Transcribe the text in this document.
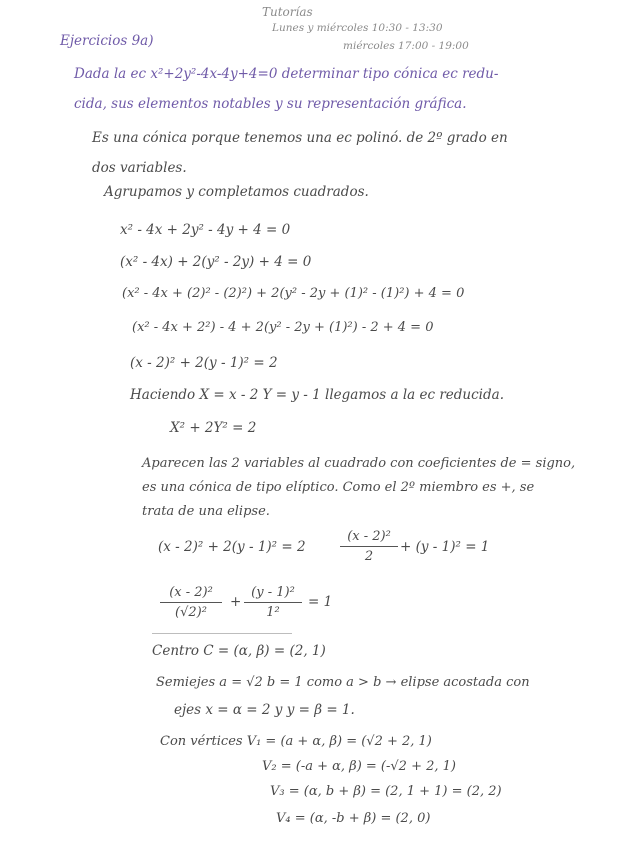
Tutorías
Lunes y miércoles 10:30 - 13:30
miércoles 17:00 - 19:00
Ejercicios 9a)
Dada la ec x²+2y²-4x-4y+4=0 determinar tipo cónica ec redu-
cida, sus elementos notables y su representación gráfica.
Es una cónica porque tenemos una ec polinó. de 2º grado en
dos variables.
Agrupamos y completamos cuadrados.
x² - 4x + 2y² - 4y + 4 = 0
(x² - 4x) + 2(y² - 2y) + 4 = 0
(x² - 4x + (2)² - (2)²) + 2(y² - 2y + (1)² - (1)²) + 4 = 0
(x² - 4x + 2²) - 4 + 2(y² - 2y + (1)²) - 2 + 4 = 0
(x - 2)² + 2(y - 1)² = 2
Haciendo X = x - 2 Y = y - 1 llegamos a la ec reducida.
X² + 2Y² = 2
Aparecen las 2 variables al cuadrado con coeficientes de = signo,
es una cónica de tipo elíptico. Como el 2º miembro es +, se
trata de una elipse.
(x - 2)² + 2(y - 1)² = 2
(x - 2)²
2
+ (y - 1)² = 1
(x - 2)²
(√2)²
+
(y - 1)²
1²
= 1
Centro C = (α, β) = (2, 1)
Semiejes a = √2 b = 1 como a > b → elipse acostada con
ejes x = α = 2 y y = β = 1.
Con vértices V₁ = (a + α, β) = (√2 + 2, 1)
V₂ = (-a + α, β) = (-√2 + 2, 1)
V₃ = (α, b + β) = (2, 1 + 1) = (2, 2)
V₄ = (α, -b + β) = (2, 0)
